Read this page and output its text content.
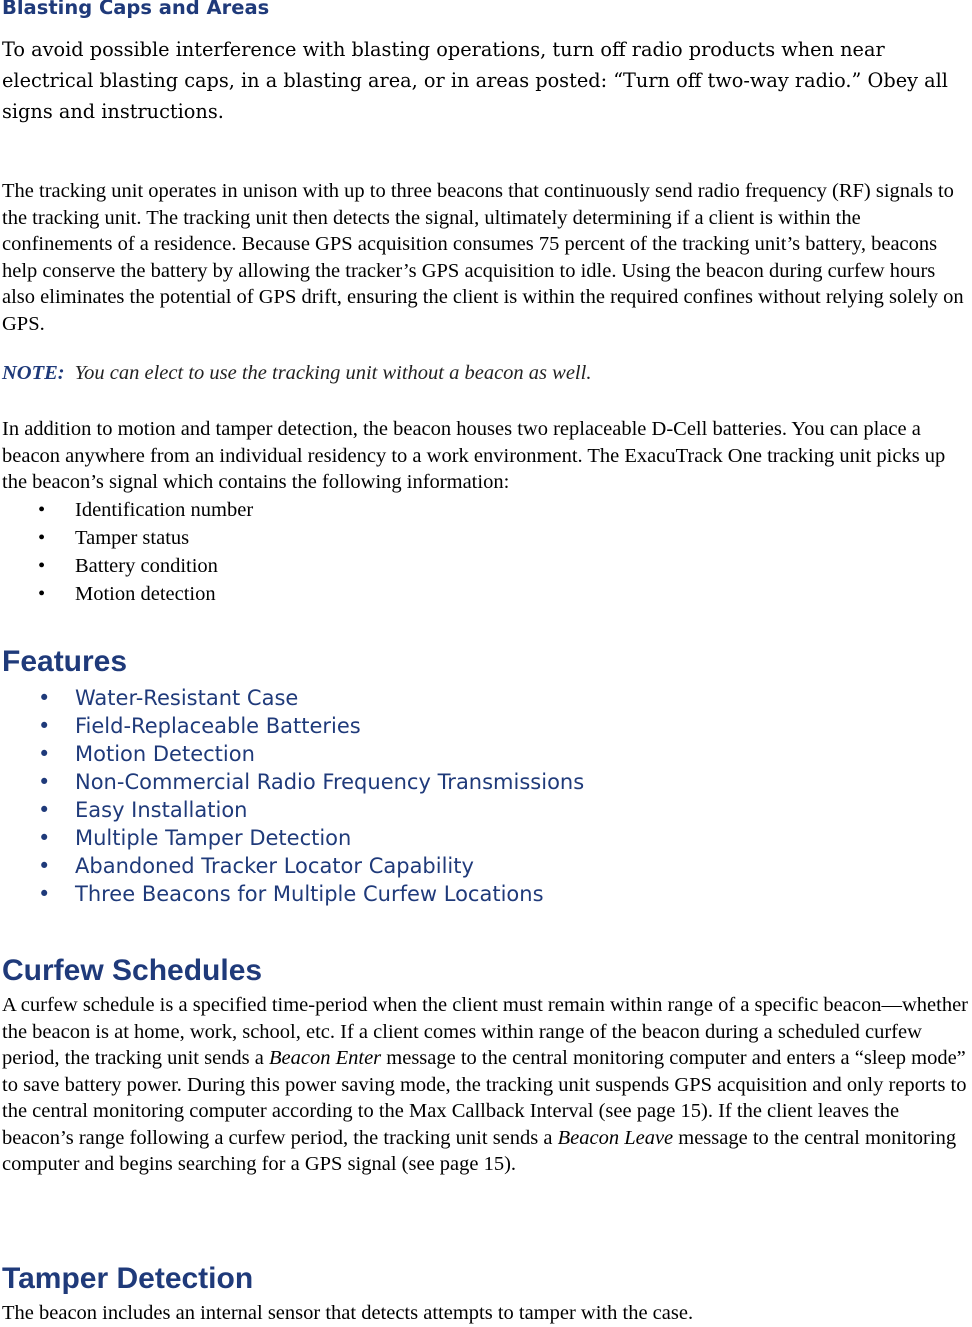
Blasting Caps and Areas

To avoid possible interference with blasting operations, turn off radio products when near electrical blasting caps, in a blasting area, or in areas posted: “Turn off two-way radio.” Obey all signs and instructions.

The tracking unit operates in unison with up to three beacons that continuously send radio frequency (RF) signals to the tracking unit. The tracking unit then detects the signal, ultimately determining if a client is within the confinements of a residence. Because GPS acquisition consumes 75 percent of the tracking unit’s battery, beacons help conserve the battery by allowing the tracker’s GPS acquisition to idle. Using the beacon during curfew hours also eliminates the potential of GPS drift, ensuring the client is within the required confines without relying solely on GPS.

NOTE: You can elect to use the tracking unit without a beacon as well.

In addition to motion and tamper detection, the beacon houses two replaceable D-Cell batteries. You can place a beacon anywhere from an individual residency to a work environment. The ExacuTrack One tracking unit picks up the beacon’s signal which contains the following information:

• Identification number
• Tamper status
• Battery condition
• Motion detection
Features
• Water-Resistant Case
• Field-Replaceable Batteries
• Motion Detection
• Non-Commercial Radio Frequency Transmissions
• Easy Installation
• Multiple Tamper Detection
• Abandoned Tracker Locator Capability
• Three Beacons for Multiple Curfew Locations
Curfew Schedules

A curfew schedule is a specified time-period when the client must remain within range of a specific beacon—whether the beacon is at home, work, school, etc. If a client comes within range of the beacon during a scheduled curfew period, the tracking unit sends a Beacon Enter message to the central monitoring computer and enters a “sleep mode” to save battery power. During this power saving mode, the tracking unit suspends GPS acquisition and only reports to the central monitoring computer according to the Max Callback Interval (see page 15). If the client leaves the beacon’s range following a curfew period, the tracking unit sends a Beacon Leave message to the central monitoring computer and begins searching for a GPS signal (see page 15).

Tamper Detection

The beacon includes an internal sensor that detects attempts to tamper with the case.
